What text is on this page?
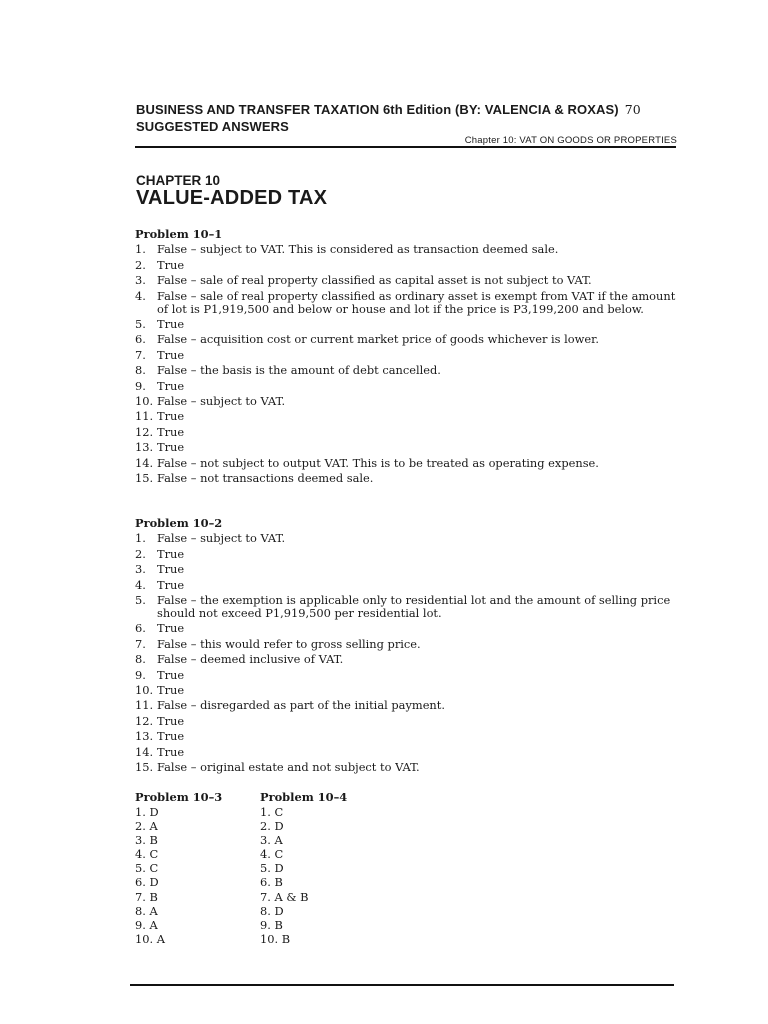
BUSINESS AND TRANSFER TAXATION 6th Edition (BY: VALENCIA & ROXAS) 70
SUGGESTED ANSWERS
Chapter 10: VAT ON GOODS OR PROPERTIES
CHAPTER 10
VALUE-ADDED TAX
Problem 10–1
1. False – subject to VAT. This is considered as transaction deemed sale.
2. True
3. False – sale of real property classified as capital asset is not subject to VAT.
4. False – sale of real property classified as ordinary asset is exempt from VAT if the amount of lot is P1,919,500 and below or house and lot if the price is P3,199,200 and below.
5. True
6. False – acquisition cost or current market price of goods whichever is lower.
7. True
8. False – the basis is the amount of debt cancelled.
9. True
10. False – subject to VAT.
11. True
12. True
13. True
14. False – not subject to output VAT. This is to be treated as operating expense.
15. False – not transactions deemed sale.
Problem 10–2
1. False – subject to VAT.
2. True
3. True
4. True
5. False – the exemption is applicable only to residential lot and the amount of selling price should not exceed P1,919,500 per residential lot.
6. True
7. False – this would refer to gross selling price.
8. False – deemed inclusive of VAT.
9. True
10. True
11. False – disregarded as part of the initial payment.
12. True
13. True
14. True
15. False – original estate and not subject to VAT.
Problem 10–3
1. D
2. A
3. B
4. C
5. C
6. D
7. B
8. A
9. A
10. A
Problem 10–4
1. C
2. D
3. A
4. C
5. D
6. B
7. A & B
8. D
9. B
10. B
